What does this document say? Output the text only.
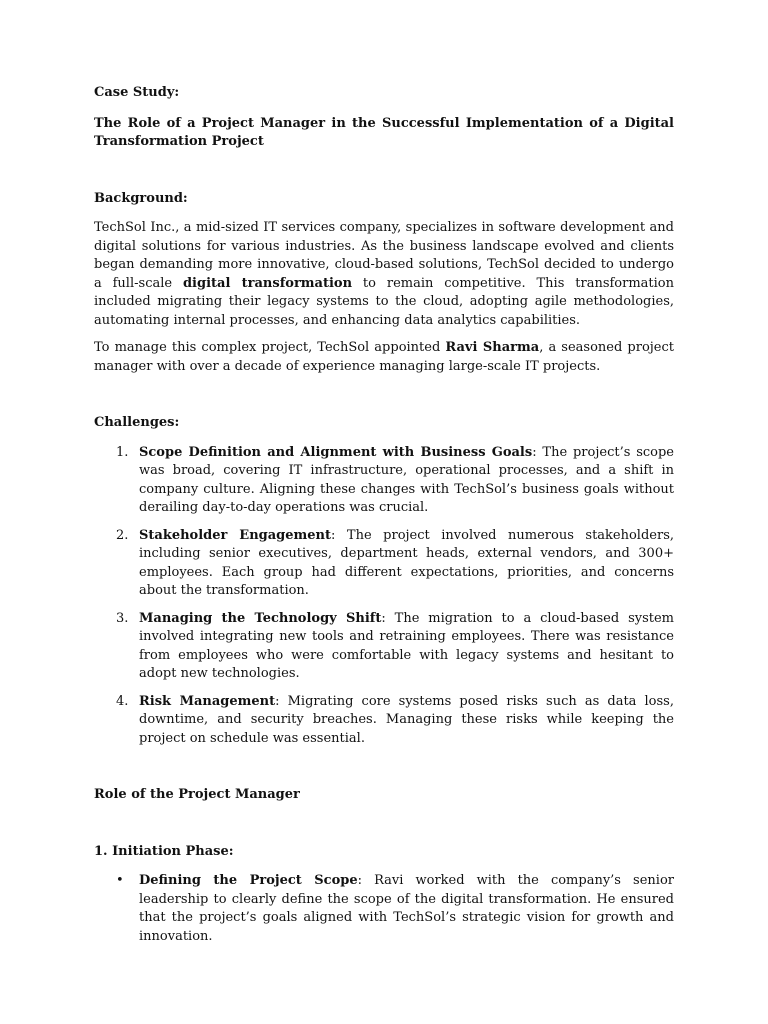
Case Study:

The Role of a Project Manager in the Successful Implementation of a Digital Transformation Project

Background:

TechSol Inc., a mid-sized IT services company, specializes in software development and digital solutions for various industries. As the business landscape evolved and clients began demanding more innovative, cloud-based solutions, TechSol decided to undergo a full-scale digital transformation to remain competitive. This transformation included migrating their legacy systems to the cloud, adopting agile methodologies, automating internal processes, and enhancing data analytics capabilities.

To manage this complex project, TechSol appointed Ravi Sharma, a seasoned project manager with over a decade of experience managing large-scale IT projects.

Challenges:

1. Scope Definition and Alignment with Business Goals: The project’s scope was broad, covering IT infrastructure, operational processes, and a shift in company culture. Aligning these changes with TechSol’s business goals without derailing day-to-day operations was crucial.
2. Stakeholder Engagement: The project involved numerous stakeholders, including senior executives, department heads, external vendors, and 300+ employees. Each group had different expectations, priorities, and concerns about the transformation.
3. Managing the Technology Shift: The migration to a cloud-based system involved integrating new tools and retraining employees. There was resistance from employees who were comfortable with legacy systems and hesitant to adopt new technologies.
4. Risk Management: Migrating core systems posed risks such as data loss, downtime, and security breaches. Managing these risks while keeping the project on schedule was essential.

Role of the Project Manager

1. Initiation Phase:

• Defining the Project Scope: Ravi worked with the company’s senior leadership to clearly define the scope of the digital transformation. He ensured that the project’s goals aligned with TechSol’s strategic vision for growth and innovation.
